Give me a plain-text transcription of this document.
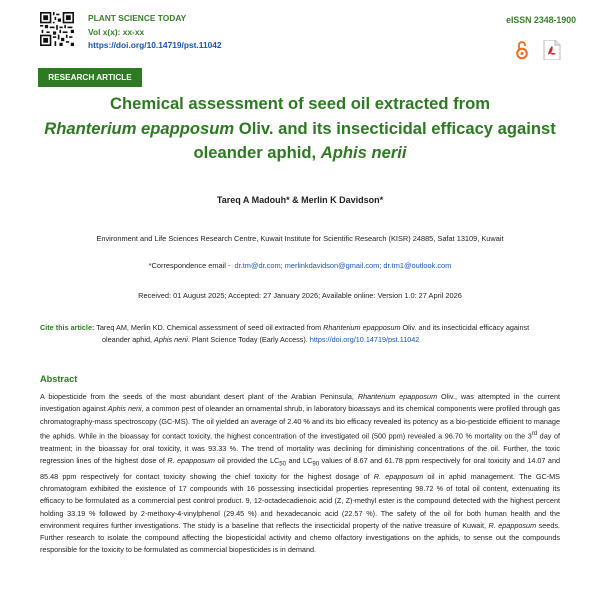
PLANT SCIENCE TODAY
Vol x(x): xx-xx
https://doi.org/10.14719/pst.11042
eISSN 2348-1900
RESEARCH ARTICLE
Chemical assessment of seed oil extracted from
Rhanterium epapposum Oliv. and its insecticidal efficacy against
oleander aphid, Aphis nerii
Tareq A Madouh* & Merlin K Davidson*
Environment and Life Sciences Research Centre, Kuwait Institute for Scientific Research (KISR) 24885, Safat 13109, Kuwait
*Correspondence email - dr.tm@dr.com; merlinkdavidson@gmail.com; dr.tm1@outlook.com
Received: 01 August 2025; Accepted: 27 January 2026; Available online: Version 1.0: 27 April 2026
Cite this article: Tareq AM, Merlin KD. Chemical assessment of seed oil extracted from Rhanterium epapposum Oliv. and its insecticidal efficacy against
oleander aphid, Aphis nerii. Plant Science Today (Early Access). https://doi.org/10.14719/pst.11042
Abstract
A biopesticide from the seeds of the most abundant desert plant of the Arabian Peninsula, Rhanterium epapposum Oliv., was attempted in the current investigation against Aphis nerii, a common pest of oleander an ornamental shrub, in laboratory bioassays and its chemical components were profiled through gas chromatography-mass spectroscopy (GC-MS). The oil yielded an average of 2.40 % and its bio efficacy revealed its potency as a bio-pesticide efficient to manage the aphids. While in the bioassay for contact toxicity, the highest concentration of the investigated oil (500 ppm) revealed a 96.70 % mortality on the 3rd day of treatment; in the bioassay for oral toxicity, it was 93.33 %. The trend of mortality was declining for diminishing concentrations of the oil. Further, the toxic regression lines of the highest dose of R. epapposum oil provided the $LC_{50}$ and $LC_{90}$ values of 8.67 and 61.78 ppm respectively for oral toxicity and 14.07 and 85.48 ppm respectively for contact toxicity showing the chief toxicity for the highest dosage of R. epapposum oil in aphid management. The GC-MS chromatogram exhibited the existence of 17 compounds with 16 possessing insecticidal properties representing 98.72 % of total oil content, extenuating its efficacy to be formulated as a commercial pest control product. 9, 12-octadecadienoic acid (Z, Z)-methyl ester is the compound detected with the highest percent holding 33.19 % followed by 2-methoxy-4-vinylphenol (29.45 %) and hexadecanoic acid (22.57 %). The safety of the oil for both human health and the environment requires further investigations. The study is a baseline that reflects the insecticidal property of the native treasure of Kuwait, R. epapposum seeds. Further research to isolate the compound affecting the biopesticidal activity and chemo olfactory investigations on the aphids, to sense out the compounds responsible for the toxicity to be formulated as commercial biopesticides is in demand.
